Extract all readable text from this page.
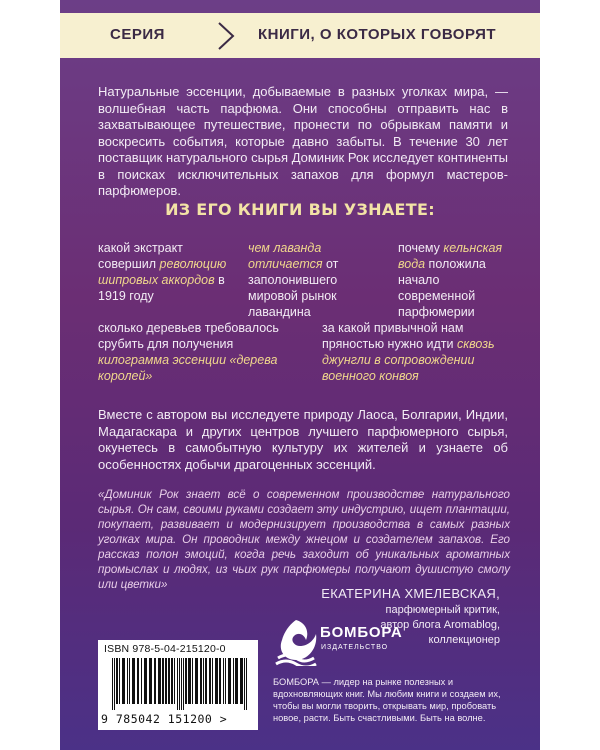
СЕРИЯ	КНИГИ, О КОТОРЫХ ГОВОРЯТ

Натуральные эссенции, добываемые в разных уголках мира, — волшебная часть парфюма. Они способны отправить нас в захватывающее путешествие, пронести по обрывкам памяти и воскресить события, которые давно забыты. В течение 30 лет поставщик натурального сырья Доминик Рок исследует континенты в поисках исключительных запахов для формул мастеров-парфюмеров.

ИЗ ЕГО КНИГИ ВЫ УЗНАЕТЕ:

какой экстракт совершил революцию шипровых аккордов в 1919 году

чем лаванда отличается от заполонившего мировой рынок лавандина

почему кельнская вода положила начало современной парфюмерии

сколько деревьев требовалось срубить для получения килограмма эссенции «дерева королей»

за какой привычной нам пряностью нужно идти сквозь джунгли в сопровождении военного конвоя

Вместе с автором вы исследуете природу Лаоса, Болгарии, Индии, Мадагаскара и других центров лучшего парфюмерного сырья, окунетесь в самобытную культуру их жителей и узнаете об особенностях добычи драгоценных эссенций.

«Доминик Рок знает всё о современном производстве натурального сырья. Он сам, своими руками создает эту индустрию, ищет плантации, покупает, развивает и модернизирует производства в самых разных уголках мира. Он проводник между жнецом и создателем запахов. Его рассказ полон эмоций, когда речь заходит об уникальных ароматных промыслах и людях, из чьих рук парфюмеры получают душистую смолу или цветки»

ЕКАТЕРИНА ХМЕЛЕВСКАЯ,
парфюмерный критик,
автор блога Aromablog,
коллекционер
ISBN 978-5-04-215120-0
9 785042 151200 >
БОМБОРА
ИЗДАТЕЛЬСТВО

БОМБОРА — лидер на рынке полезных и вдохновляющих книг. Мы любим книги и создаем их, чтобы вы могли творить, открывать мир, пробовать новое, расти. Быть счастливыми. Быть на волне.
